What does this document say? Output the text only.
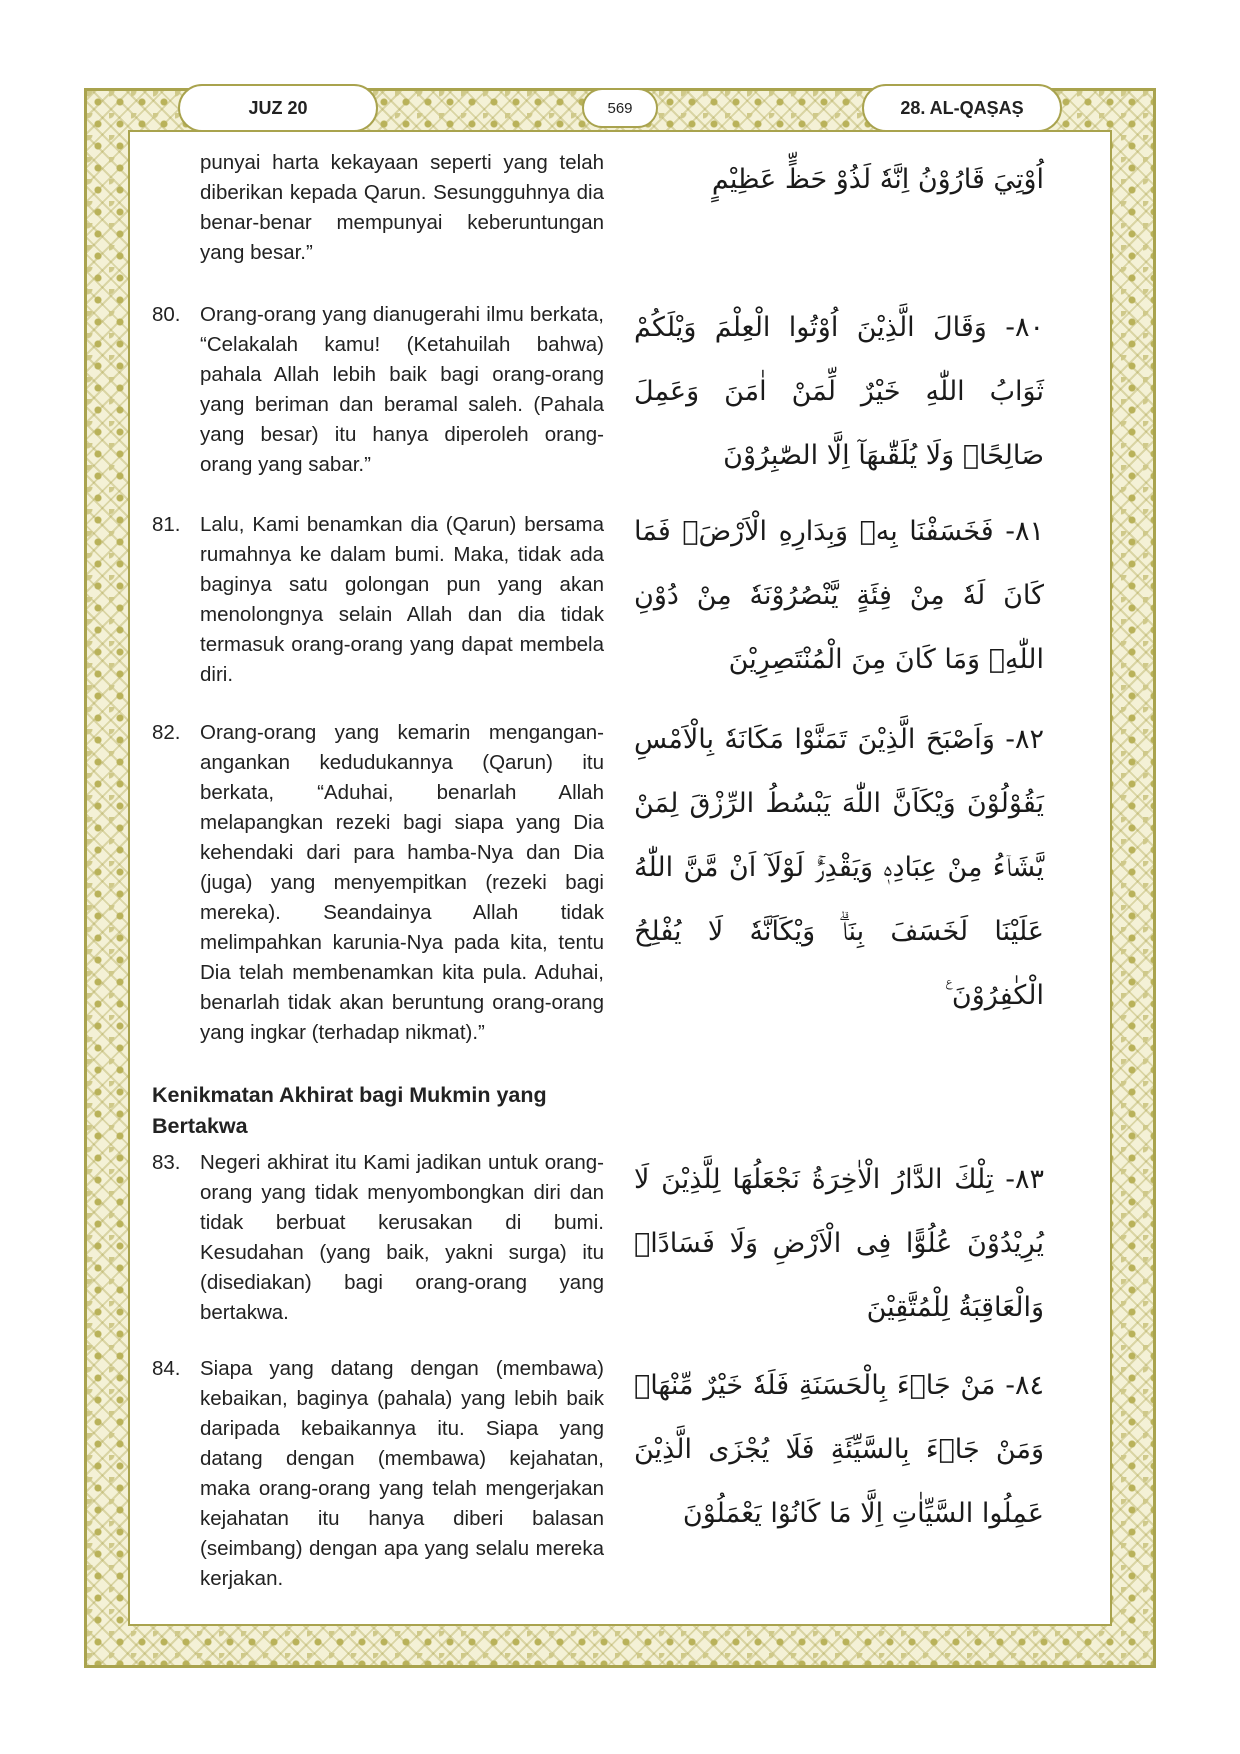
JUZ 20	569	28. AL-QAṢAṢ
اُوْتِيَ قَارُوْنُ اِنَّهٗ لَذُوْ حَظٍّ عَظِيْمٍ
punyai harta kekayaan seperti yang telah diberikan kepada Qarun. Sesungguhnya dia benar-benar mempunyai keberuntungan yang besar.”
٨٠- وَقَالَ الَّذِيْنَ اُوْتُوا الْعِلْمَ وَيْلَكُمْ ثَوَابُ اللّٰهِ خَيْرٌ لِّمَنْ اٰمَنَ وَعَمِلَ صَالِحًاۚ وَلَا يُلَقّٰىهَآ اِلَّا الصّٰبِرُوْنَ
80. Orang-orang yang dianugerahi ilmu berkata, “Celakalah kamu! (Ketahuilah bahwa) pahala Allah lebih baik bagi orang-orang yang beriman dan beramal saleh. (Pahala yang besar) itu hanya diperoleh orang-orang yang sabar.”
٨١- فَخَسَفْنَا بِهٖ وَبِدَارِهِ الْاَرْضَۗ فَمَا كَانَ لَهٗ مِنْ فِئَةٍ يَّنْصُرُوْنَهٗ مِنْ دُوْنِ اللّٰهِۖ وَمَا كَانَ مِنَ الْمُنْتَصِرِيْنَ
81. Lalu, Kami benamkan dia (Qarun) bersama rumahnya ke dalam bumi. Maka, tidak ada baginya satu golongan pun yang akan menolongnya selain Allah dan dia tidak termasuk orang-orang yang dapat membela diri.
٨٢- وَاَصْبَحَ الَّذِيْنَ تَمَنَّوْا مَكَانَهٗ بِالْاَمْسِ يَقُوْلُوْنَ وَيْكَاَنَّ اللّٰهَ يَبْسُطُ الرِّزْقَ لِمَنْ يَّشَاۤءُ مِنْ عِبَادِهٖ وَيَقْدِرُۚ لَوْلَآ اَنْ مَّنَّ اللّٰهُ عَلَيْنَا لَخَسَفَ بِنَاۗ وَيْكَاَنَّهٗ لَا يُفْلِحُ الْكٰفِرُوْنَ ࣖ
82. Orang-orang yang kemarin mengangan-angankan kedudukannya (Qarun) itu berkata, “Aduhai, benarlah Allah melapangkan rezeki bagi siapa yang Dia kehendaki dari para hamba-Nya dan Dia (juga) yang menyempitkan (rezeki bagi mereka). Seandainya Allah tidak melimpahkan karunia-Nya pada kita, tentu Dia telah membenamkan kita pula. Aduhai, benarlah tidak akan beruntung orang-orang yang ingkar (terhadap nikmat).”
Kenikmatan Akhirat bagi Mukmin yang Bertakwa
٨٣- تِلْكَ الدَّارُ الْاٰخِرَةُ نَجْعَلُهَا لِلَّذِيْنَ لَا يُرِيْدُوْنَ عُلُوًّا فِى الْاَرْضِ وَلَا فَسَادًاۗ وَالْعَاقِبَةُ لِلْمُتَّقِيْنَ
83. Negeri akhirat itu Kami jadikan untuk orang-orang yang tidak menyombongkan diri dan tidak berbuat kerusakan di bumi. Kesudahan (yang baik, yakni surga) itu (disediakan) bagi orang-orang yang bertakwa.
٨٤- مَنْ جَاۤءَ بِالْحَسَنَةِ فَلَهٗ خَيْرٌ مِّنْهَاۚ وَمَنْ جَاۤءَ بِالسَّيِّئَةِ فَلَا يُجْزَى الَّذِيْنَ عَمِلُوا السَّيِّاٰتِ اِلَّا مَا كَانُوْا يَعْمَلُوْنَ
84. Siapa yang datang dengan (membawa) kebaikan, baginya (pahala) yang lebih baik daripada kebaikannya itu. Siapa yang datang dengan (membawa) kejahatan, maka orang-orang yang telah mengerjakan kejahatan itu hanya diberi balasan (seimbang) dengan apa yang selalu mereka kerjakan.
